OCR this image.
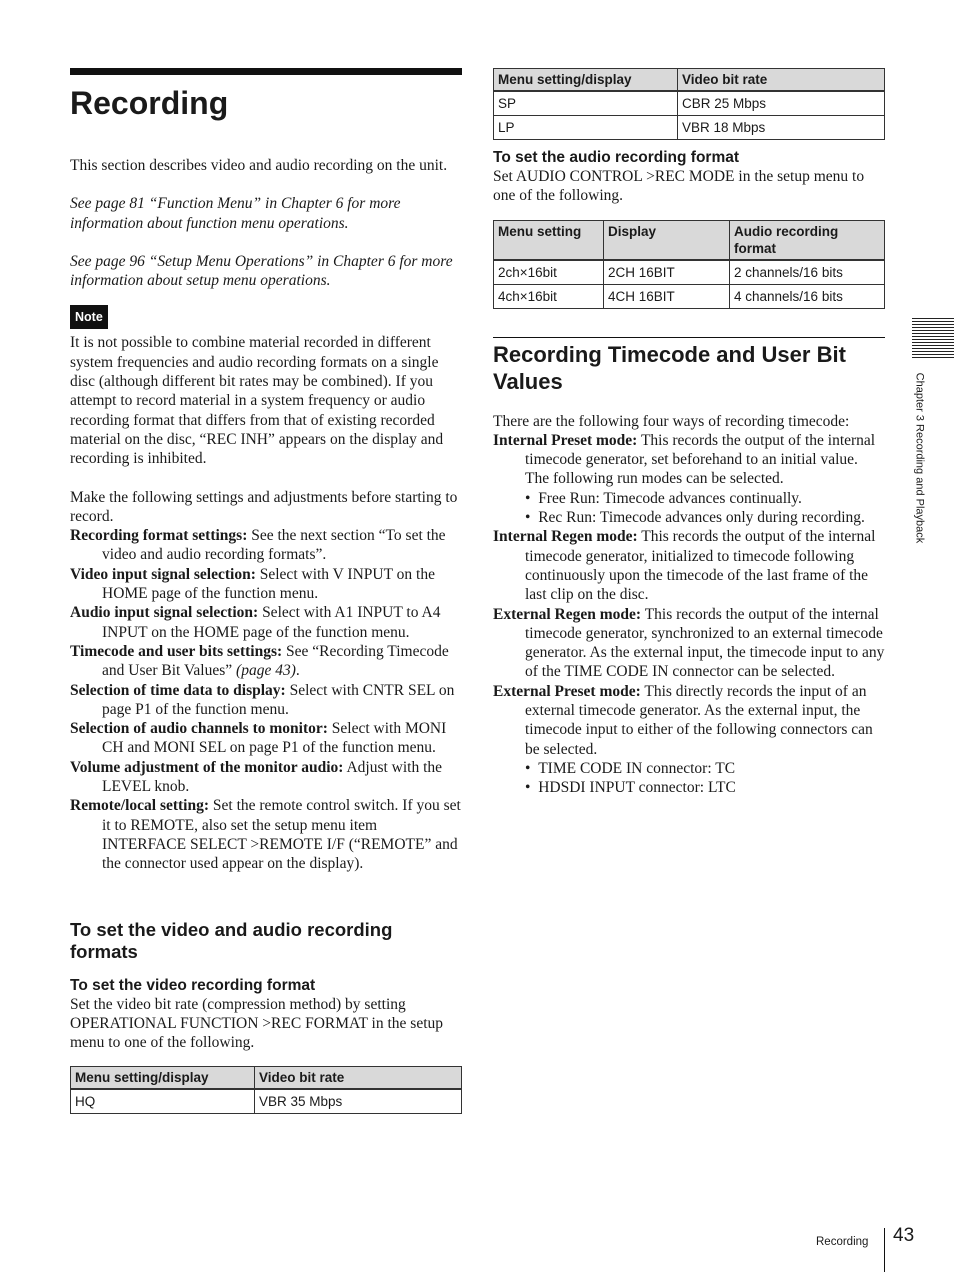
Recording

This section describes video and audio recording on the unit.

See page 81 “Function Menu” in Chapter 6 for more information about function menu operations.

See page 96 “Setup Menu Operations” in Chapter 6 for more information about setup menu operations.

Note

It is not possible to combine material recorded in different system frequencies and audio recording formats on a single disc (although different bit rates may be combined). If you attempt to record material in a system frequency or audio recording format that differs from that of existing recorded material on the disc, “REC INH” appears on the display and recording is inhibited.

Make the following settings and adjustments before starting to record.

Recording format settings: See the next section “To set the video and audio recording formats”.

Video input signal selection: Select with V INPUT on the HOME page of the function menu.

Audio input signal selection: Select with A1 INPUT to A4 INPUT on the HOME page of the function menu.

Timecode and user bits settings: See “Recording Timecode and User Bit Values” (page 43).

Selection of time data to display: Select with CNTR SEL on page P1 of the function menu.

Selection of audio channels to monitor: Select with MONI CH and MONI SEL on page P1 of the function menu.

Volume adjustment of the monitor audio: Adjust with the LEVEL knob.

Remote/local setting: Set the remote control switch. If you set it to REMOTE, also set the setup menu item INTERFACE SELECT >REMOTE I/F (“REMOTE” and the connector used appear on the display).

To set the video and audio recording formats
To set the video recording format

Set the video bit rate (compression method) by setting OPERATIONAL FUNCTION >REC FORMAT in the setup menu to one of the following.

Menu setting/display	Video bit rate
HQ	VBR 35 Mbps
Menu setting/display	Video bit rate
SP	CBR 25 Mbps
LP	VBR 18 Mbps
To set the audio recording format

Set AUDIO CONTROL >REC MODE in the setup menu to one of the following.

Menu setting	Display	Audio recording format
2ch×16bit	2CH 16BIT	2 channels/16 bits
4ch×16bit	4CH 16BIT	4 channels/16 bits
Recording Timecode and User Bit Values

There are the following four ways of recording timecode:

Internal Preset mode: This records the output of the internal timecode generator, set beforehand to an initial value. The following run modes can be selected.

•  Free Run: Timecode advances continually.

•  Rec Run: Timecode advances only during recording.

Internal Regen mode: This records the output of the internal timecode generator, initialized to timecode following continuously upon the timecode of the last frame of the last clip on the disc.

External Regen mode: This records the output of the internal timecode generator, synchronized to an external timecode generator. As the external input, the timecode input to any of the TIME CODE IN connector can be selected.

External Preset mode: This directly records the input of an external timecode generator. As the external input, the timecode input to either of the following connectors can be selected.

•  TIME CODE IN connector: TC

•  HDSDI INPUT connector: LTC

Chapter 3 Recording and Playback
Recording 43
